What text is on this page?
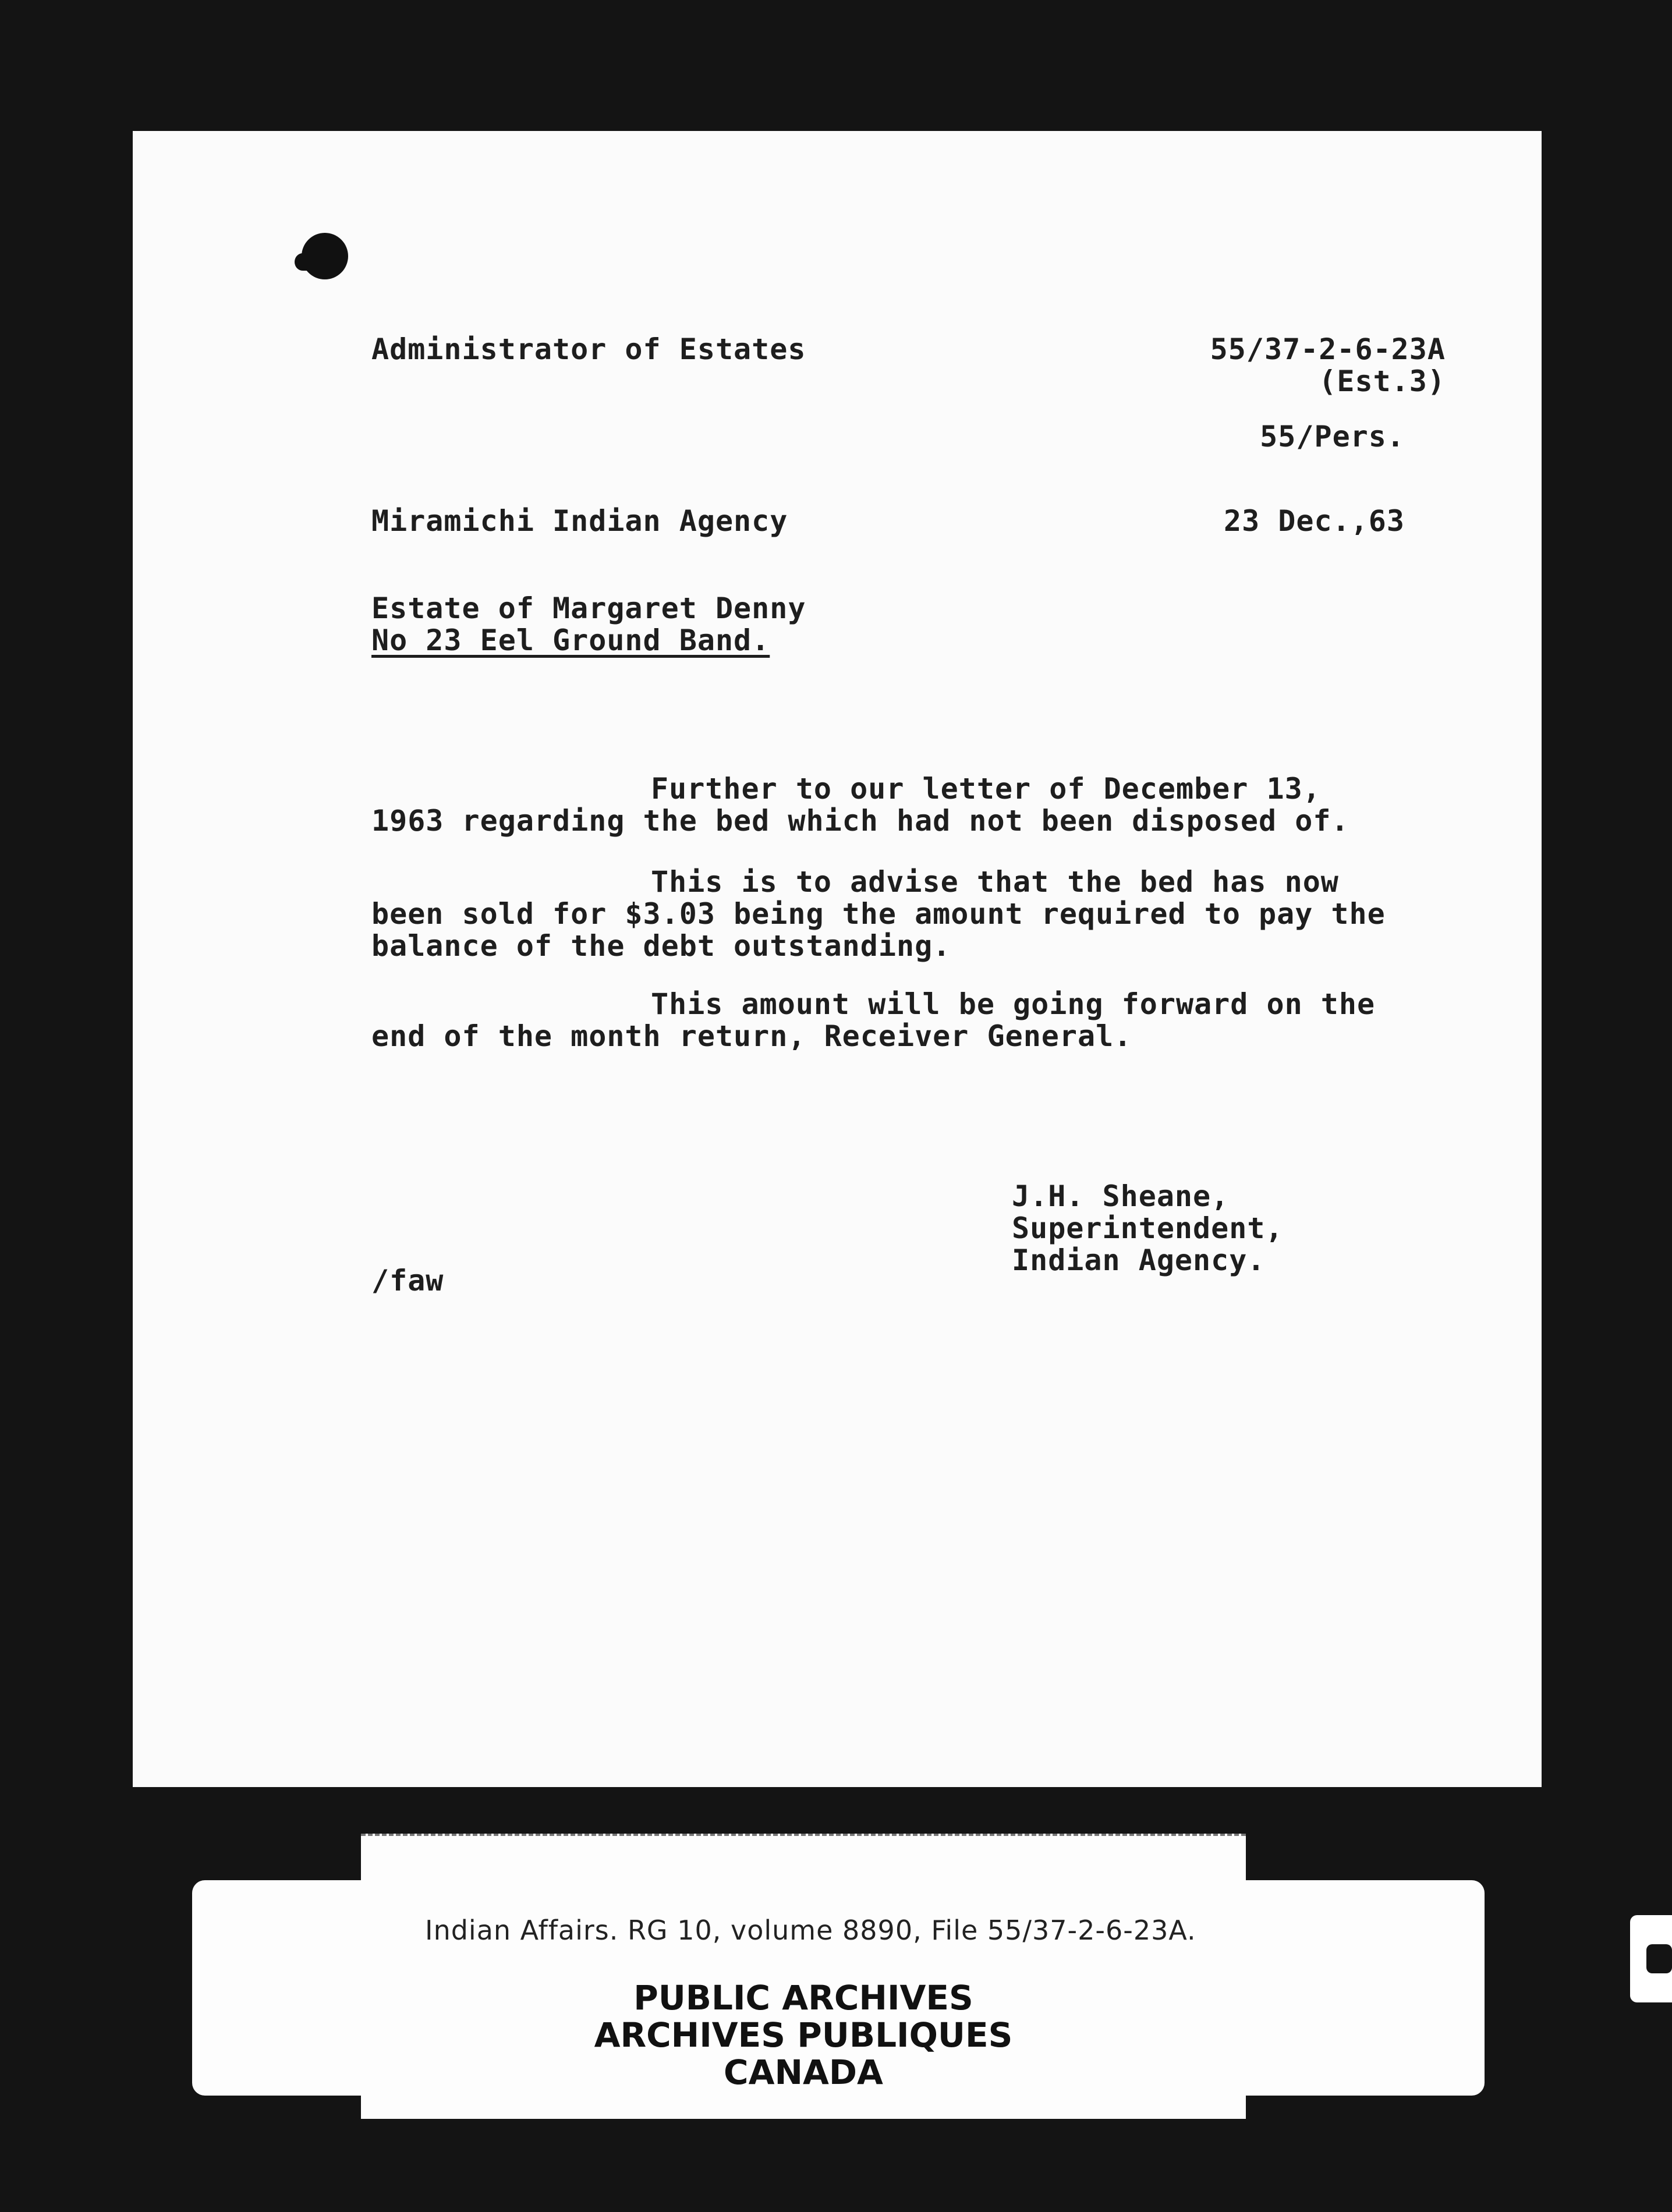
Administrator of Estates	55/37-2-6-23A
(Est.3)
55/Pers.
Miramichi Indian Agency	23 Dec.,63
Estate of Margaret Denny
No 23 Eel Ground Band.
Further to our letter of December 13,
1963 regarding the bed which had not been disposed of.
This is to advise that the bed has now
been sold for $3.03 being the amount required to pay the
balance of the debt outstanding.
This amount will be going forward on the
end of the month return, Receiver General.
J.H. Sheane,
Superintendent,
Indian Agency.
/faw
Indian Affairs. RG 10, volume 8890, File 55/37-2-6-23A.
PUBLIC ARCHIVES
ARCHIVES PUBLIQUES
CANADA
